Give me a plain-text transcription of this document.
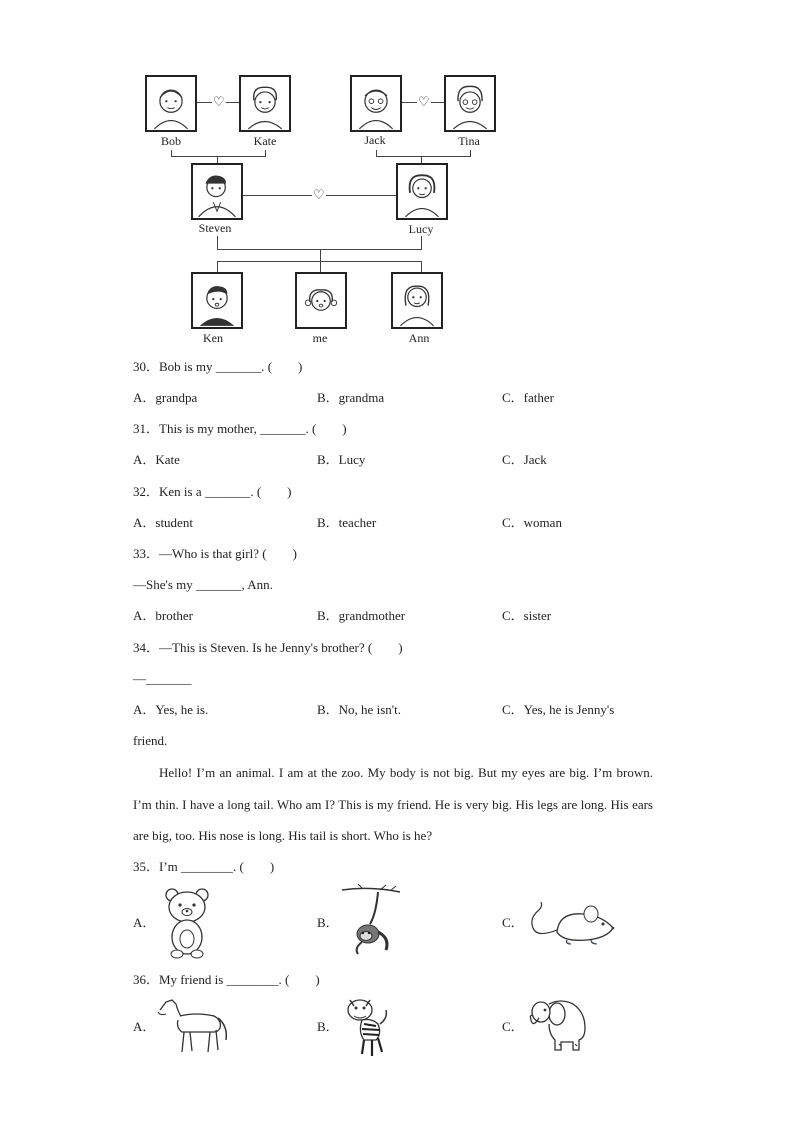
Bob
♡
Kate	Jack
♡
Tina
Steven
♡
Lucy
Ken	me	Ann
30．Bob is my _______. (　　)
A．grandpa	B．grandma	C．father
31．This is my mother, _______. (　　)
A．Kate	B．Lucy	C．Jack
32．Ken is a _______. (　　)
A．student	B．teacher	C．woman
33．—Who is that girl? (　　)
—She's my _______, Ann.
A．brother	B．grandmother	C．sister
34．—This is Steven. Is he Jenny's brother? (　　)
—_______
A．Yes, he is.	B．No, he isn't.	C．Yes, he is Jenny's
friend.
Hello! I’m an animal. I am at the zoo. My body is not big. But my eyes are big. I’m brown. I’m thin. I have a long tail. Who am I? This is my friend. He is very big. His legs are long. His ears are big, too. His nose is long. His tail is short. Who is he?
35．I’m ________. (　　)
A．	B．	C．
36．My friend is ________. (　　)
A．	B．	C．
